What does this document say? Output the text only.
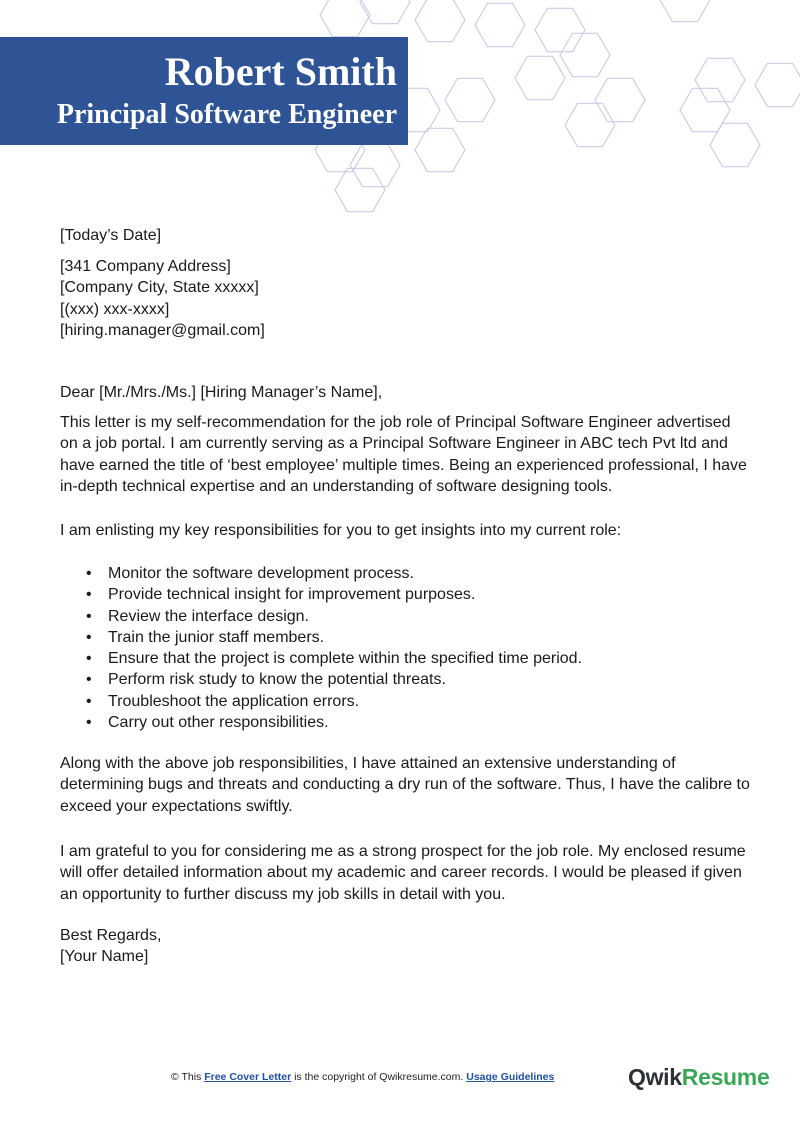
Robert Smith
Principal Software Engineer
[Today’s Date]
[341 Company Address]
[Company City, State xxxxx]
[(xxx) xxx-xxxx]
[hiring.manager@gmail.com]
Dear [Mr./Mrs./Ms.] [Hiring Manager’s Name],
This letter is my self-recommendation for the job role of Principal Software Engineer advertised on a job portal. I am currently serving as a Principal Software Engineer in ABC tech Pvt ltd and have earned the title of ‘best employee’ multiple times. Being an experienced professional, I have in-depth technical expertise and an understanding of software designing tools.
I am enlisting my key responsibilities for you to get insights into my current role:
• Monitor the software development process.
• Provide technical insight for improvement purposes.
• Review the interface design.
• Train the junior staff members.
• Ensure that the project is complete within the specified time period.
• Perform risk study to know the potential threats.
• Troubleshoot the application errors.
• Carry out other responsibilities.
Along with the above job responsibilities, I have attained an extensive understanding of determining bugs and threats and conducting a dry run of the software. Thus, I have the calibre to exceed your expectations swiftly.
I am grateful to you for considering me as a strong prospect for the job role. My enclosed resume will offer detailed information about my academic and career records. I would be pleased if given an opportunity to further discuss my job skills in detail with you.
Best Regards,
[Your Name]
© This Free Cover Letter is the copyright of Qwikresume.com. Usage Guidelines	QwikResume
